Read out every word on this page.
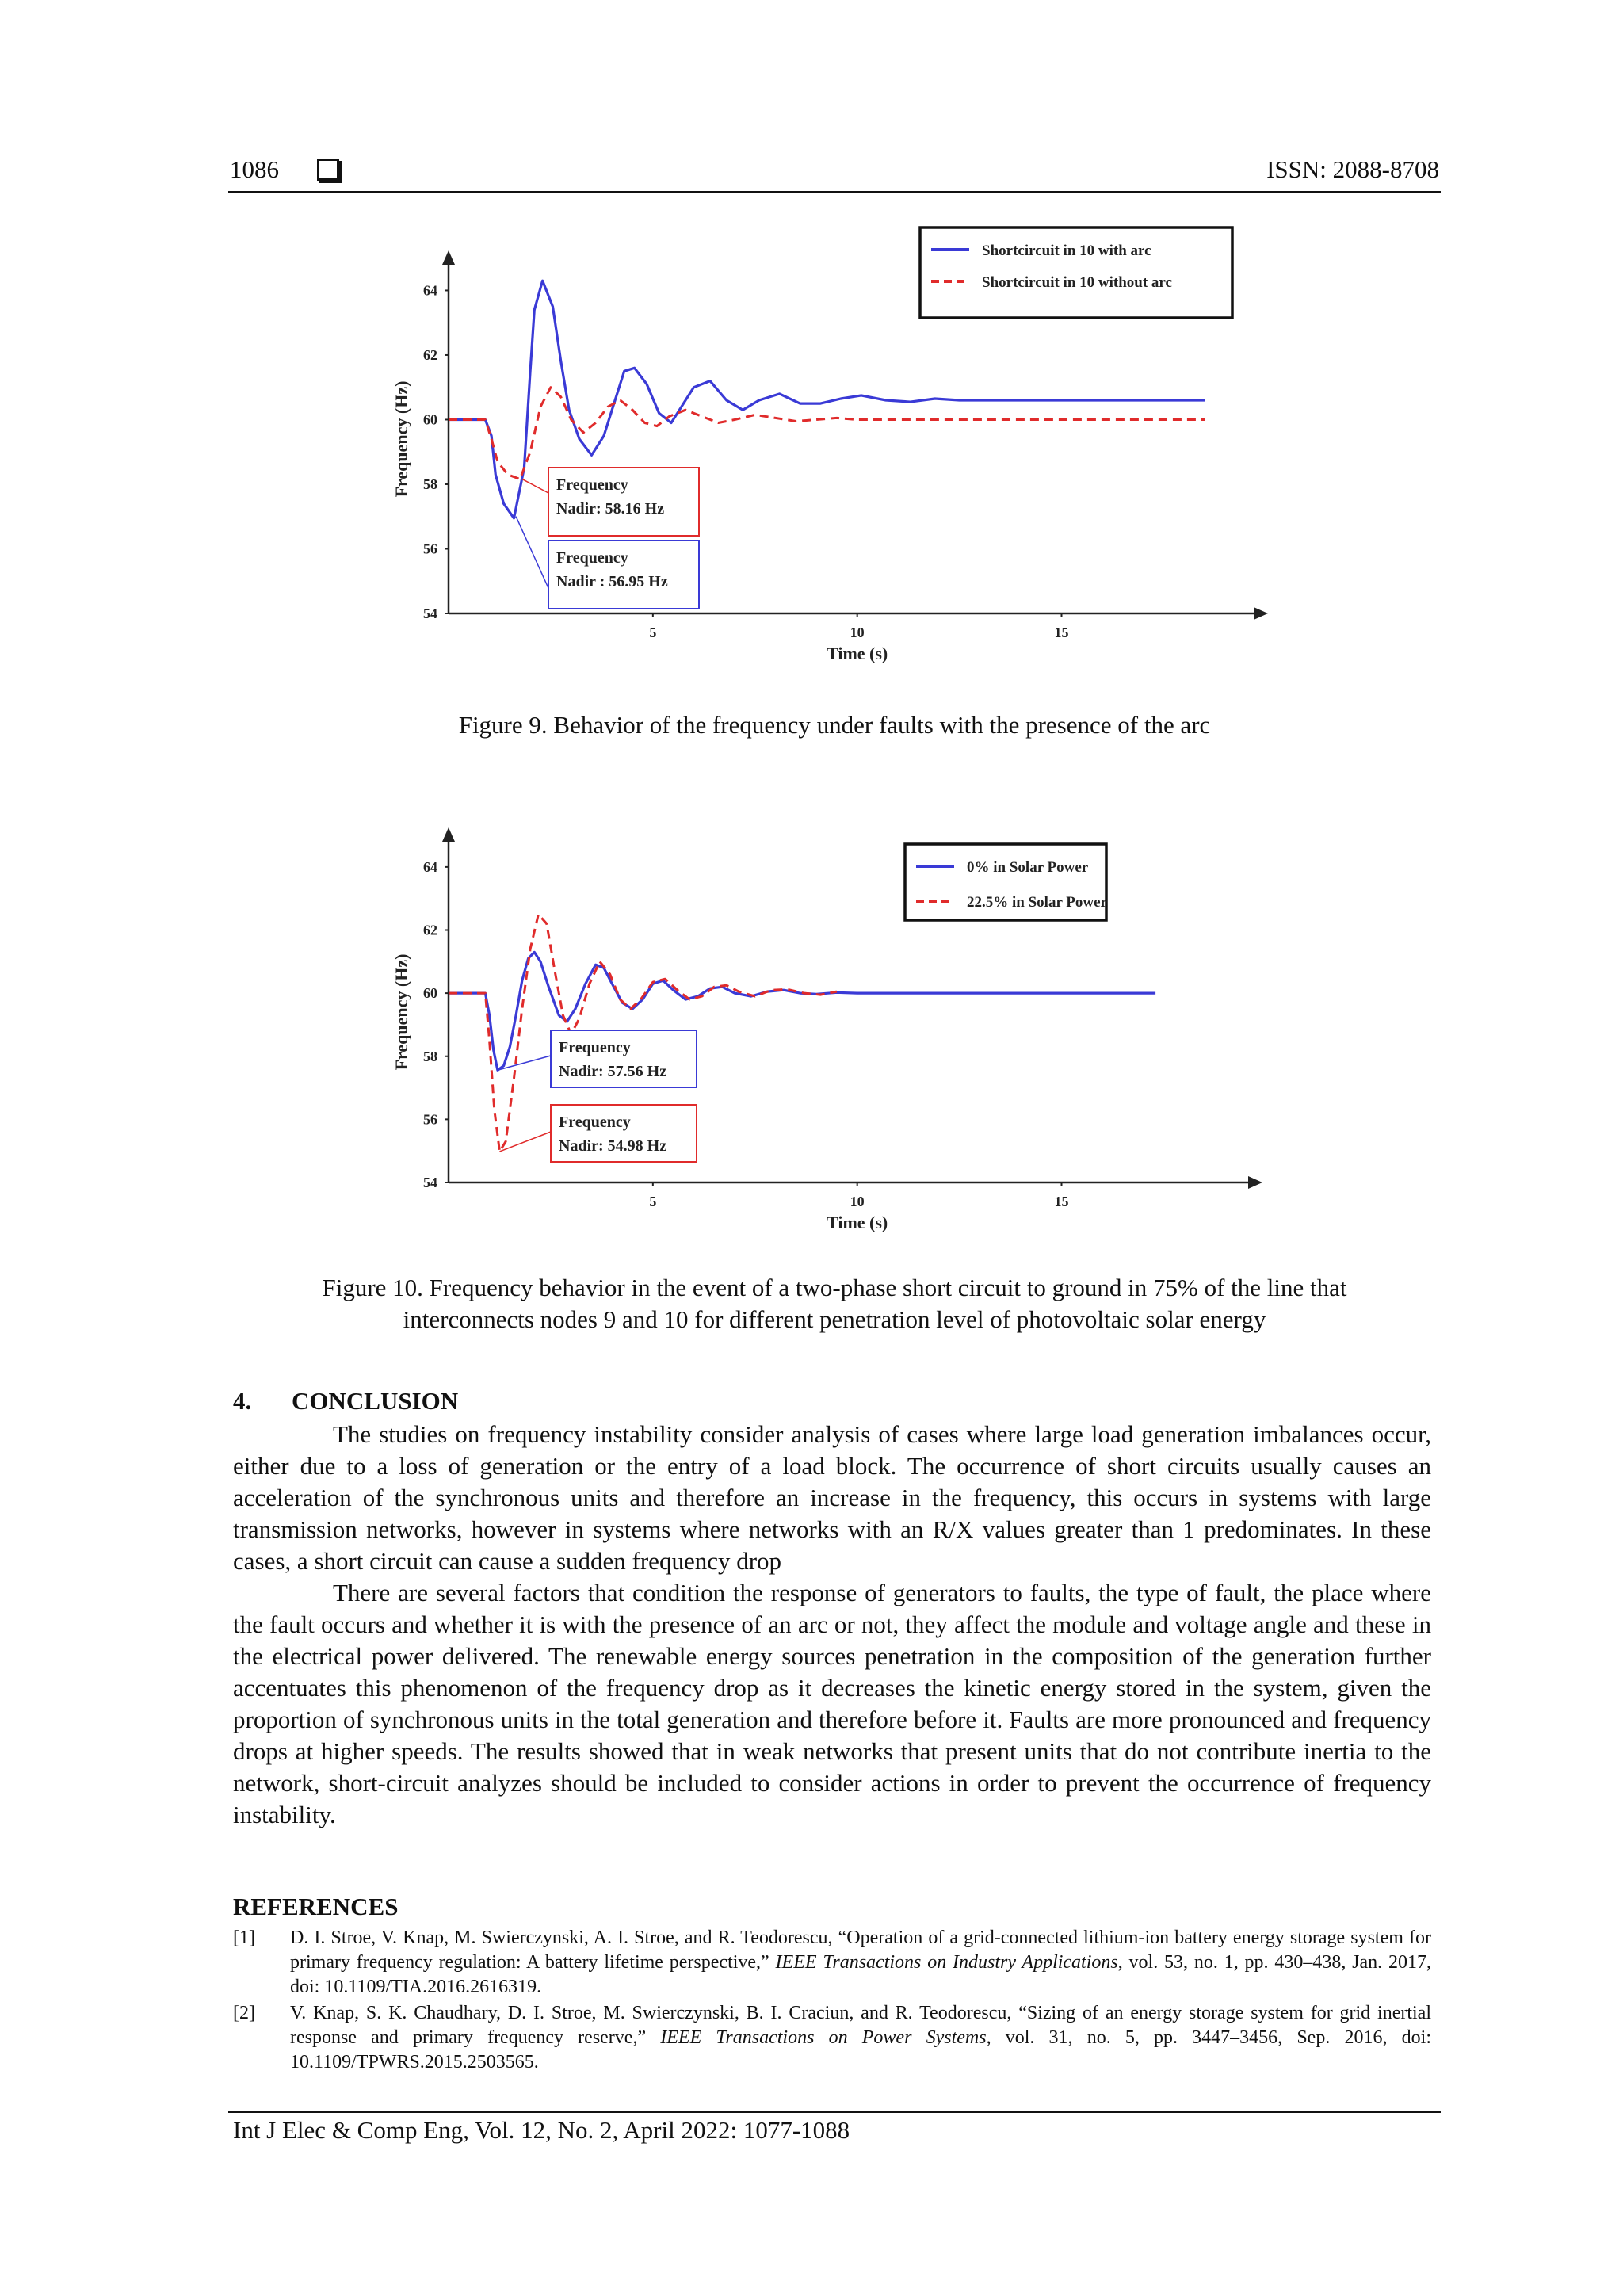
1086	ISSN: 2088-8708
54
56
58
60
62
64
5	10	15
Time (s)
Frequency (Hz)
Shortcircuit in 10 with arc
Shortcircuit in 10 without arc
Frequency
Nadir: 58.16 Hz
Frequency
Nadir : 56.95 Hz
Figure 9. Behavior of the frequency under faults with the presence of the arc
54
56
58
60
62
64
5	10	15
Time (s)
Frequency (Hz)
0% in Solar Power
22.5% in Solar Power
Frequency
Nadir: 57.56 Hz
Frequency
Nadir: 54.98 Hz
Figure 10. Frequency behavior in the event of a two-phase short circuit to ground in 75% of the line that
interconnects nodes 9 and 10 for different penetration level of photovoltaic solar energy
4. CONCLUSION
The studies on frequency instability consider analysis of cases where large load generation imbalances occur, either due to a loss of generation or the entry of a load block. The occurrence of short circuits usually causes an acceleration of the synchronous units and therefore an increase in the frequency, this occurs in systems with large transmission networks, however in systems where networks with an R/X values greater than 1 predominates. In these cases, a short circuit can cause a sudden frequency drop
There are several factors that condition the response of generators to faults, the type of fault, the place where the fault occurs and whether it is with the presence of an arc or not, they affect the module and voltage angle and these in the electrical power delivered. The renewable energy sources penetration in the composition of the generation further accentuates this phenomenon of the frequency drop as it decreases the kinetic energy stored in the system, given the proportion of synchronous units in the total generation and therefore before it. Faults are more pronounced and frequency drops at higher speeds. The results showed that in weak networks that present units that do not contribute inertia to the network, short-circuit analyzes should be included to consider actions in order to prevent the occurrence of frequency instability.
REFERENCES
[1]	D. I. Stroe, V. Knap, M. Swierczynski, A. I. Stroe, and R. Teodorescu, “Operation of a grid-connected lithium-ion battery energy storage system for primary frequency regulation: A battery lifetime perspective,” IEEE Transactions on Industry Applications, vol. 53, no. 1, pp. 430–438, Jan. 2017, doi: 10.1109/TIA.2016.2616319.
[2]	V. Knap, S. K. Chaudhary, D. I. Stroe, M. Swierczynski, B. I. Craciun, and R. Teodorescu, “Sizing of an energy storage system for grid inertial response and primary frequency reserve,” IEEE Transactions on Power Systems, vol. 31, no. 5, pp. 3447–3456, Sep. 2016, doi: 10.1109/TPWRS.2015.2503565.
Int J Elec & Comp Eng, Vol. 12, No. 2, April 2022: 1077-1088
